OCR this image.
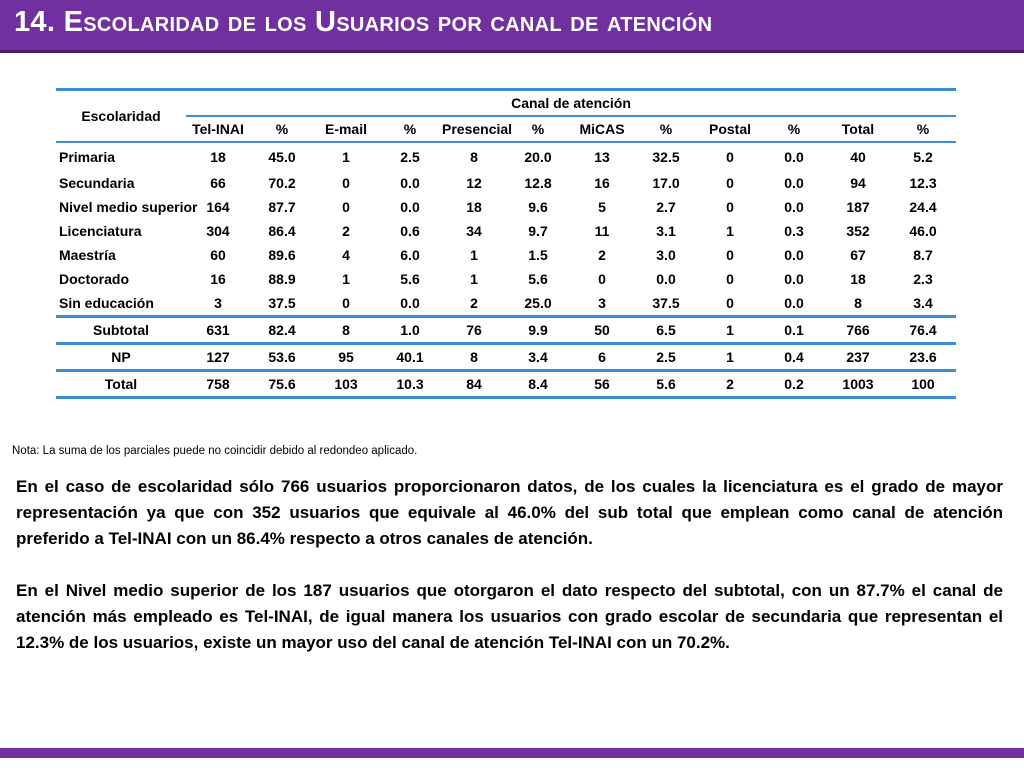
14. Escolaridad de los Usuarios por canal de atención
Escolaridad	Canal de atención											
	Tel-INAI	%	E-mail	%	Presencial	%	MiCAS	%	Postal	%	Total	%
Primaria	18	45.0	1	2.5	8	20.0	13	32.5	0	0.0	40	5.2
Secundaria	66	70.2	0	0.0	12	12.8	16	17.0	0	0.0	94	12.3
Nivel medio superior	164	87.7	0	0.0	18	9.6	5	2.7	0	0.0	187	24.4
Licenciatura	304	86.4	2	0.6	34	9.7	11	3.1	1	0.3	352	46.0
Maestría	60	89.6	4	6.0	1	1.5	2	3.0	0	0.0	67	8.7
Doctorado	16	88.9	1	5.6	1	5.6	0	0.0	0	0.0	18	2.3
Sin educación	3	37.5	0	0.0	2	25.0	3	37.5	0	0.0	8	3.4
Subtotal	631	82.4	8	1.0	76	9.9	50	6.5	1	0.1	766	76.4
NP	127	53.6	95	40.1	8	3.4	6	2.5	1	0.4	237	23.6
Total	758	75.6	103	10.3	84	8.4	56	5.6	2	0.2	1003	100

Nota: La suma de los parciales puede no coincidir debido al redondeo aplicado.

En el caso de escolaridad sólo 766 usuarios proporcionaron datos, de los cuales la licenciatura es el grado de mayor representación ya que con 352 usuarios que equivale al 46.0% del sub total que emplean como canal de atención preferido a Tel-INAI con un 86.4% respecto a otros canales de atención.

En el Nivel medio superior de los 187 usuarios que otorgaron el dato respecto del subtotal, con un 87.7% el canal de atención más empleado es Tel-INAI, de igual manera los usuarios con grado escolar de secundaria que representan el 12.3% de los usuarios, existe un mayor uso del canal de atención Tel-INAI con un 70.2%.
